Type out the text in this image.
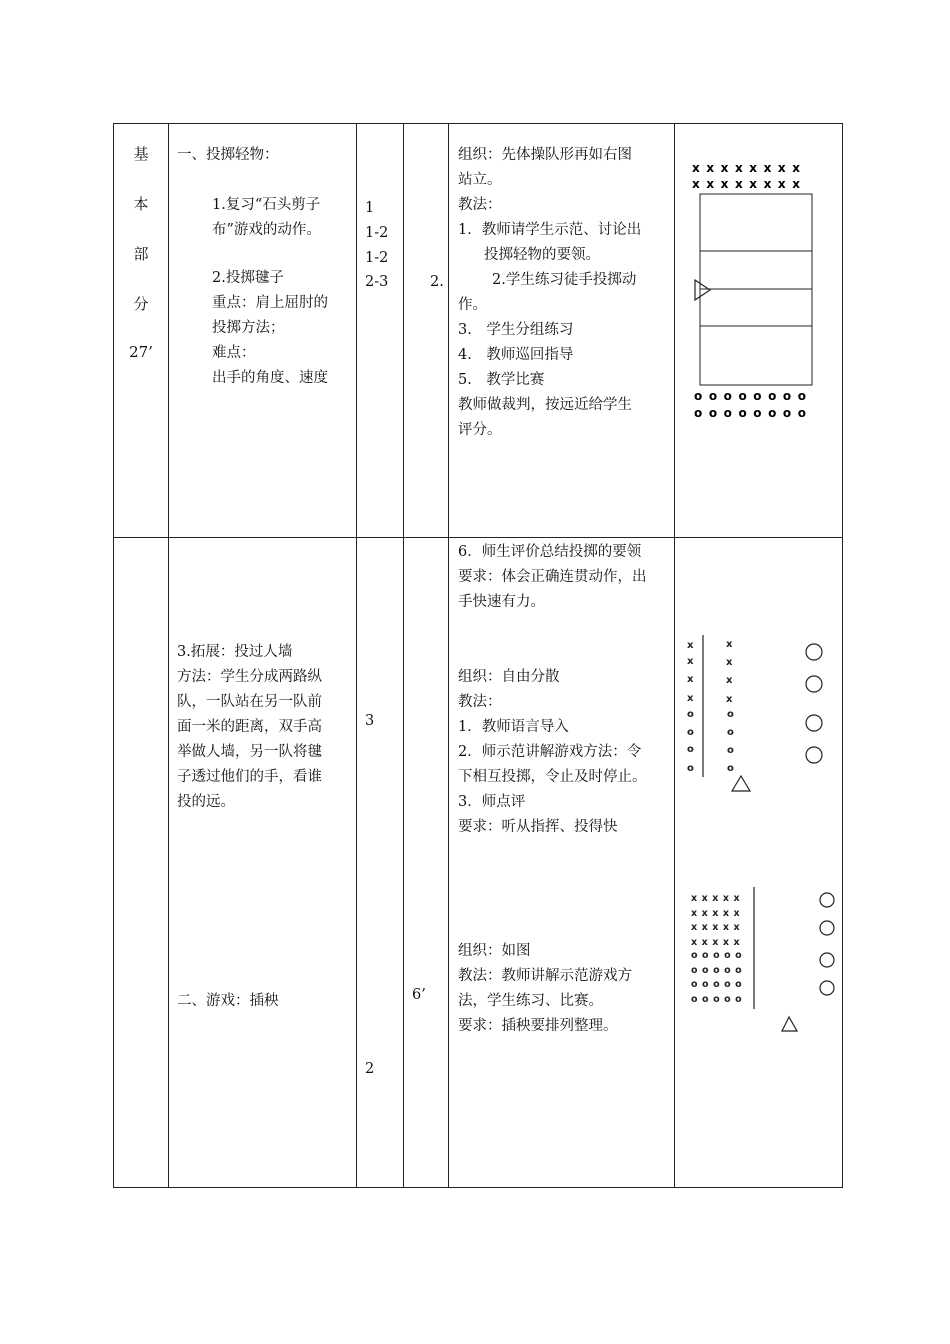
基
本
部
分
27’
一、投掷轻物：
1.复习“石头剪子
布”游戏的动作。
2.投掷毽子
重点：肩上屈肘的
投掷方法；
难点：
出手的角度、速度
1
1-2
1-2
2-3	2.
组织：先体操队形再如右图
站立。
教法：
1．教师请学生示范、讨论出
投掷轻物的要领。
2.学生练习徒手投掷动
作。
3.　学生分组练习
4.　教师巡回指导
5.　教学比赛
教师做裁判，按远近给学生
评分。
x x x x x x x x
x x x x x x x x
o o o o o o o o
o o o o o o o o
6．师生评价总结投掷的要领
要求：体会正确连贯动作，出
手快速有力。
组织：自由分散
教法：
1．教师语言导入
2．师示范讲解游戏方法：令
下相互投掷，令止及时停止。
3．师点评
要求：听从指挥、投得快
组织：如图
教法：教师讲解示范游戏方
法，学生练习、比赛。
要求：插秧要排列整理。
3.拓展：投过人墙
方法：学生分成两路纵
队，一队站在另一队前
面一米的距离，双手高
举做人墙，另一队将毽
子透过他们的手，看谁
投的远。
二、游戏：插秧
3
2
6’
x
x
x
x
o
o
o
o
x
x
x
x
o
o
o
o
x x x x x
x x x x x
x x x x x
x x x x x
o o o o o
o o o o o
o o o o o
o o o o o
